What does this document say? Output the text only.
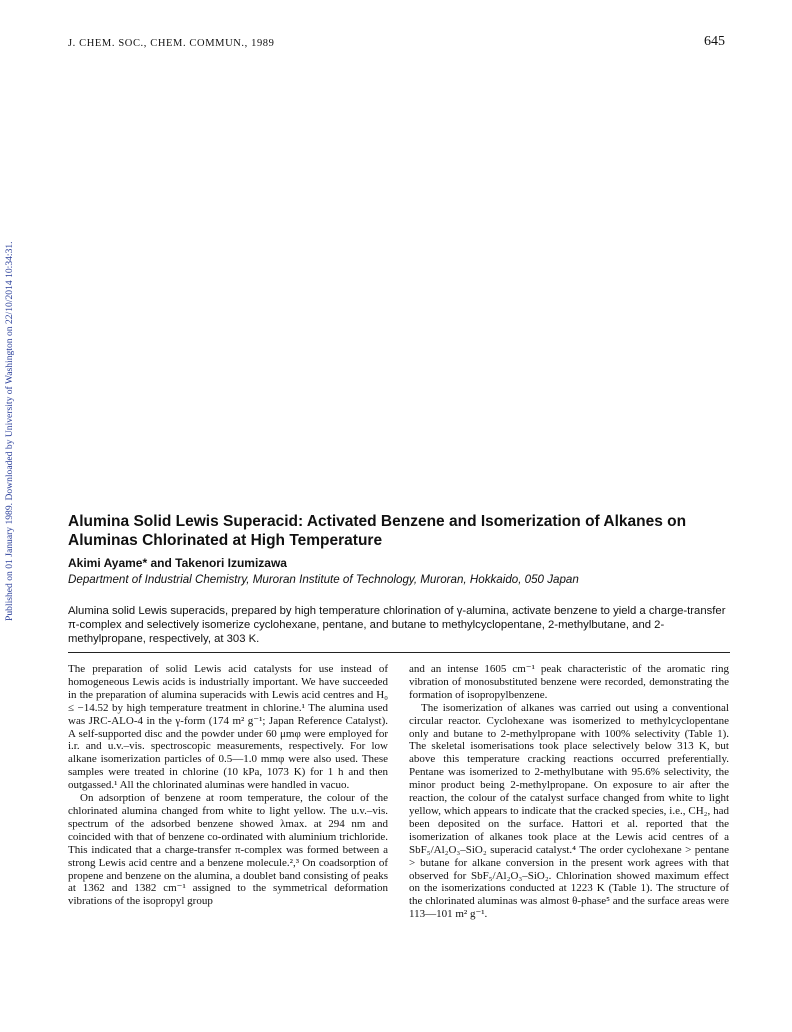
J. CHEM. SOC., CHEM. COMMUN., 1989	645
Published on 01 January 1989. Downloaded by University of Washington on 22/10/2014 10:34:31.	Alumina Solid Lewis Superacid: Activated Benzene and Isomerization of Alkanes on Aluminas Chlorinated at High Temperature
Akimi Ayame* and Takenori Izumizawa
Department of Industrial Chemistry, Muroran Institute of Technology, Muroran, Hokkaido, 050 Japan
Alumina solid Lewis superacids, prepared by high temperature chlorination of γ-alumina, activate benzene to yield a charge-transfer π-complex and selectively isomerize cyclohexane, pentane, and butane to methylcyclopentane, 2-methylbutane, and 2-methylpropane, respectively, at 303 K.

The preparation of solid Lewis acid catalysts for use instead of homogeneous Lewis acids is industrially important. We have succeeded in the preparation of alumina superacids with Lewis acid centres and H₀ ≤ −14.52 by high temperature treatment in chlorine.¹ The alumina used was JRC-ALO-4 in the γ-form (174 m² g⁻¹; Japan Reference Catalyst). A self-supported disc and the powder under 60 μmφ were employed for i.r. and u.v.–vis. spectroscopic measurements, respectively. For low alkane isomerization particles of 0.5—1.0 mmφ were also used. These samples were treated in chlorine (10 kPa, 1073 K) for 1 h and then outgassed.¹ All the chlorinated aluminas were handled in vacuo.

On adsorption of benzene at room temperature, the colour of the chlorinated alumina changed from white to light yellow. The u.v.–vis. spectrum of the adsorbed benzene showed λmax. at 294 nm and coincided with that of benzene co-ordinated with aluminium trichloride. This indicated that a charge-transfer π-complex was formed between a strong Lewis acid centre and a benzene molecule.²,³ On coadsorption of propene and benzene on the alumina, a doublet band consisting of peaks at 1362 and 1382 cm⁻¹ assigned to the symmetrical deformation vibrations of the isopropyl group

and an intense 1605 cm⁻¹ peak characteristic of the aromatic ring vibration of monosubstituted benzene were recorded, demonstrating the formation of isopropylbenzene.

The isomerization of alkanes was carried out using a conventional circular reactor. Cyclohexane was isomerized to methylcyclopentane only and butane to 2-methylpropane with 100% selectivity (Table 1). The skeletal isomerisations took place selectively below 313 K, but above this temperature cracking reactions occurred preferentially. Pentane was isomerized to 2-methylbutane with 95.6% selectivity, the minor product being 2-methylpropane. On exposure to air after the reaction, the colour of the catalyst surface changed from white to light yellow, which appears to indicate that the cracked species, i.e., CH₂, had been deposited on the surface. Hattori et al. reported that the isomerization of alkanes took place at the Lewis acid centres of a SbF₅/Al₂O₃–SiO₂ superacid catalyst.⁴ The order cyclohexane > pentane > butane for alkane conversion in the present work agrees with that observed for SbF₅/Al₂O₃–SiO₂. Chlorination showed maximum effect on the isomerizations conducted at 1223 K (Table 1). The structure of the chlorinated aluminas was almost θ-phase⁵ and the surface areas were 113—101 m² g⁻¹.
